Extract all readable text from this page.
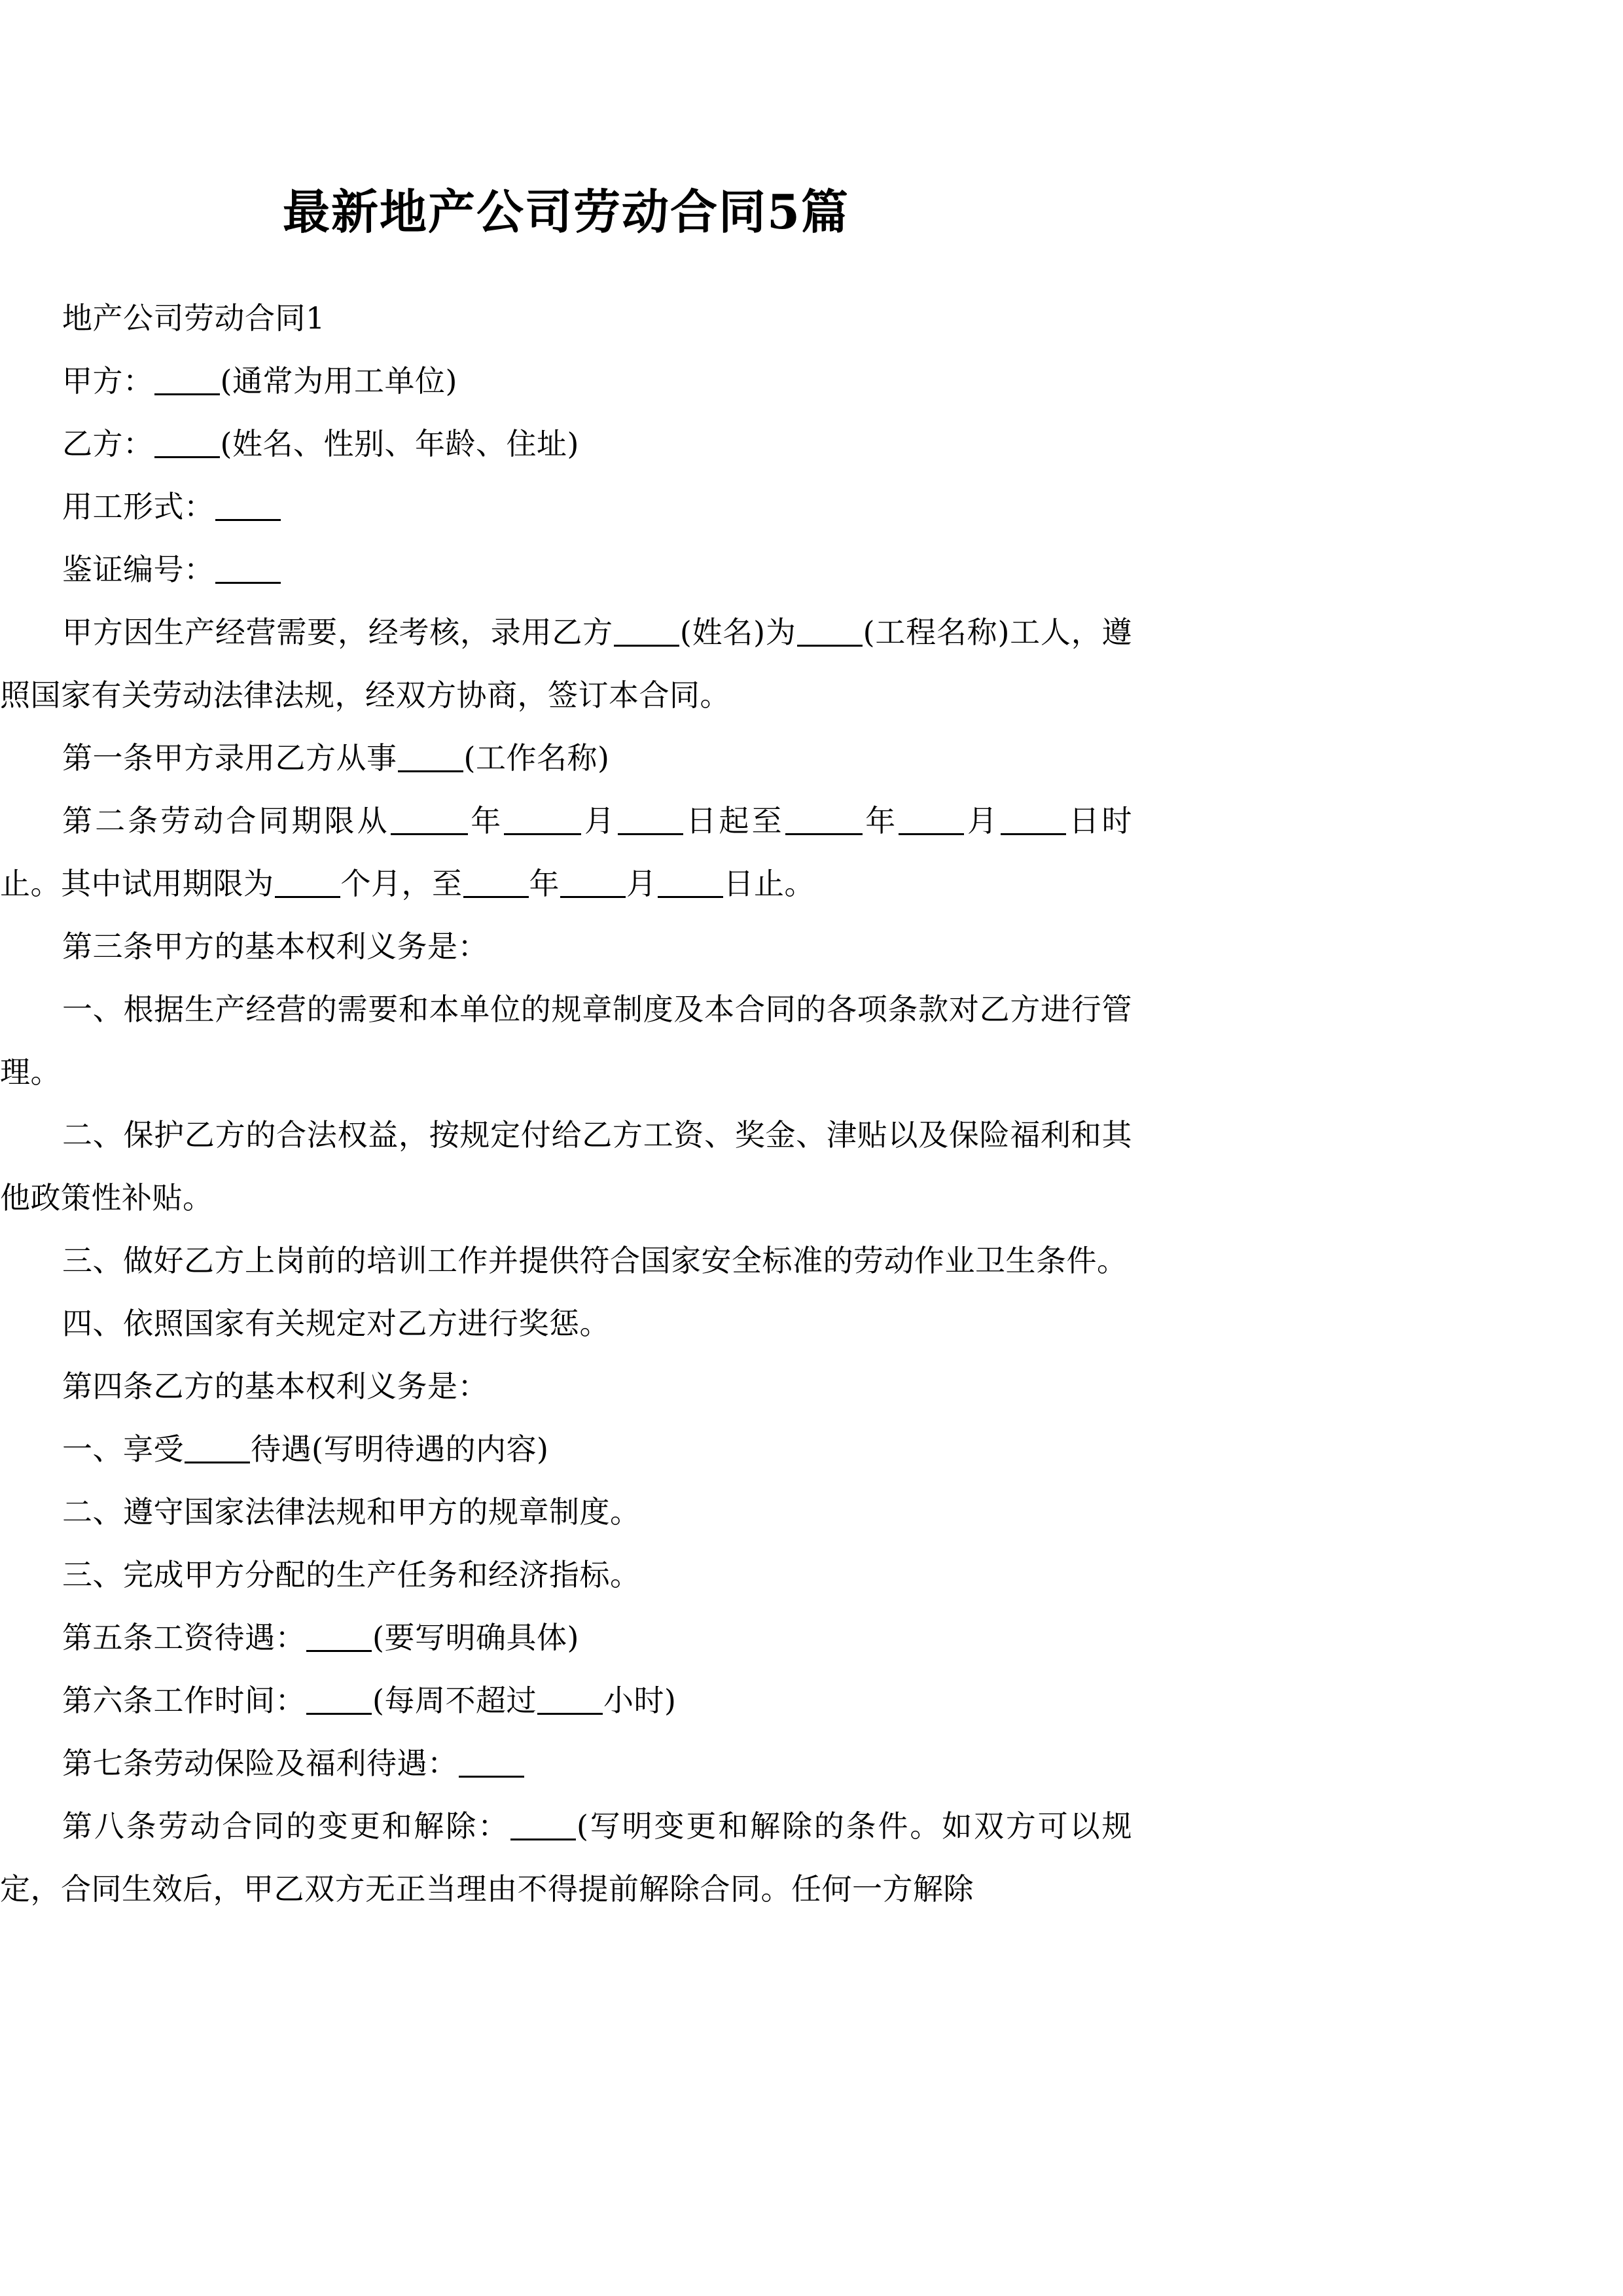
最新地产公司劳动合同5篇

地产公司劳动合同1

甲方： (通常为用工单位)

乙方： (姓名、性别、年龄、住址)

用工形式：

鉴证编号：

甲方因生产经营需要，经考核，录用乙方 (姓名)为 (工程名称)工人，遵照国家有关劳动法律法规，经双方协商，签订本合同。

第一条甲方录用乙方从事 (工作名称)

第二条劳动合同期限从	年	月 日起至	年 月 日时止。其中试用期限为 个月，至 年 月 日止。

第三条甲方的基本权利义务是：

一、根据生产经营的需要和本单位的规章制度及本合同的各项条款对乙方进行管理。

二、保护乙方的合法权益，按规定付给乙方工资、奖金、津贴以及保险福利和其他政策性补贴。

三、做好乙方上岗前的培训工作并提供符合国家安全标准的劳动作业卫生条件。

四、依照国家有关规定对乙方进行奖惩。

第四条乙方的基本权利义务是：

一、享受 待遇(写明待遇的内容)

二、遵守国家法律法规和甲方的规章制度。

三、完成甲方分配的生产任务和经济指标。

第五条工资待遇： (要写明确具体)

第六条工作时间： (每周不超过 小时)

第七条劳动保险及福利待遇：

第八条劳动合同的变更和解除： (写明变更和解除的条件。如双方可以规定，合同生效后，甲乙双方无正当理由不得提前解除合同。任何一方解除
